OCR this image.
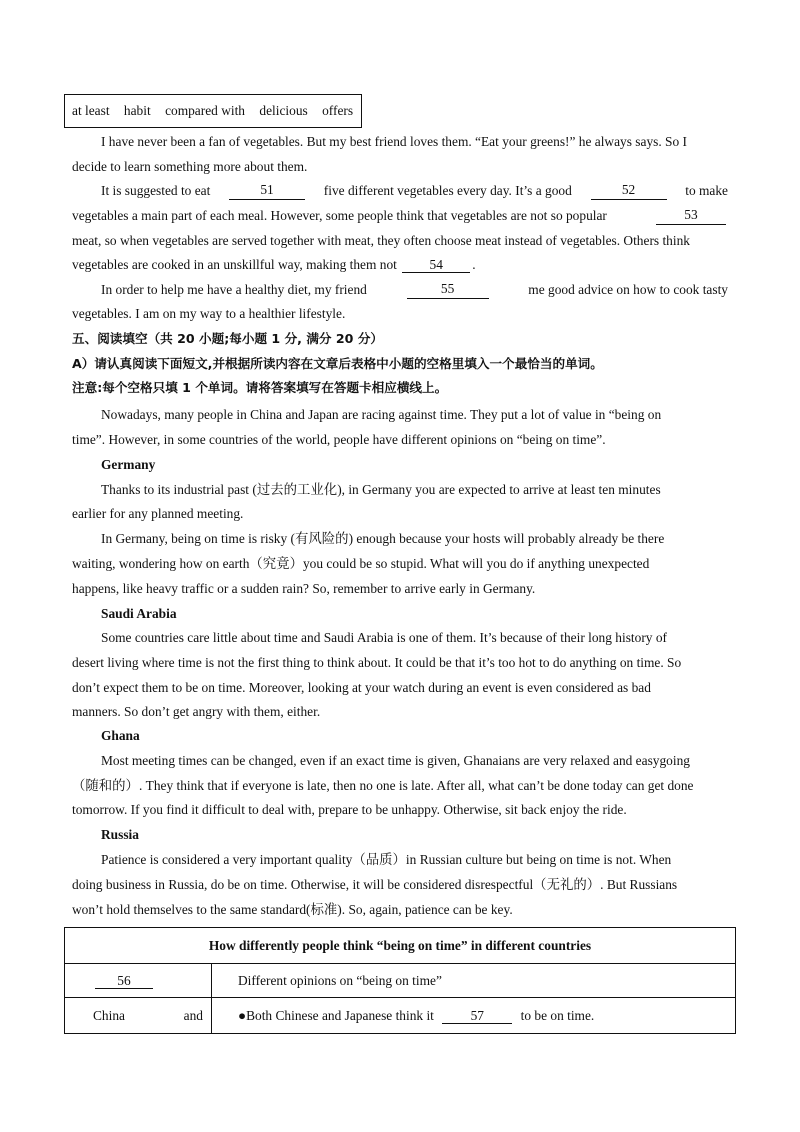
at least habit compared with delicious offers
I have never been a fan of vegetables. But my best friend loves them. “Eat your greens!” he always says. So I
decide to learn something more about them.
It is suggested to eat	51	five different vegetables every day. It’s a good	52	to make
vegetables a main part of each meal. However, some people think that vegetables are not so popular	53
meat, so when vegetables are served together with meat, they often choose meat instead of vegetables. Others think
vegetables are cooked in an unskillful way, making them not 54 .
In order to help me have a healthy diet, my friend	55	me good advice on how to cook tasty
vegetables. I am on my way to a healthier lifestyle.
五、阅读填空（共 20 小题;每小题 1 分, 满分 20 分）
A）请认真阅读下面短文,并根据所读内容在文章后表格中小题的空格里填入一个最恰当的单词。
注意:每个空格只填 1 个单词。请将答案填写在答题卡相应横线上。
Nowadays, many people in China and Japan are racing against time. They put a lot of value in “being on
time”. However, in some countries of the world, people have different opinions on “being on time”.
Germany
Thanks to its industrial past (过去的工业化), in Germany you are expected to arrive at least ten minutes
earlier for any planned meeting.
In Germany, being on time is risky (有风险的) enough because your hosts will probably already be there
waiting, wondering how on earth（究竟）you could be so stupid. What will you do if anything unexpected
happens, like heavy traffic or a sudden rain? So, remember to arrive early in Germany.
Saudi Arabia
Some countries care little about time and Saudi Arabia is one of them. It’s because of their long history of
desert living where time is not the first thing to think about. It could be that it’s too hot to do anything on time. So
don’t expect them to be on time. Moreover, looking at your watch during an event is even considered as bad
manners. So don’t get angry with them, either.
Ghana
Most meeting times can be changed, even if an exact time is given, Ghanaians are very relaxed and easygoing
（随和的）. They think that if everyone is late, then no one is late. After all, what can’t be done today can get done
tomorrow. If you find it difficult to deal with, prepare to be unhappy. Otherwise, sit back enjoy the ride.
Russia
Patience is considered a very important quality（品质）in Russian culture but being on time is not. When
doing business in Russia, do be on time. Otherwise, it will be considered disrespectful（无礼的）. But Russians
won’t hold themselves to the same standard(标准). So, again, patience can be key.
How differently people think “being on time” in different countries	
56	Different opinions on “being on time”

China and	●Both Chinese and Japanese think it 57 to be on time.
